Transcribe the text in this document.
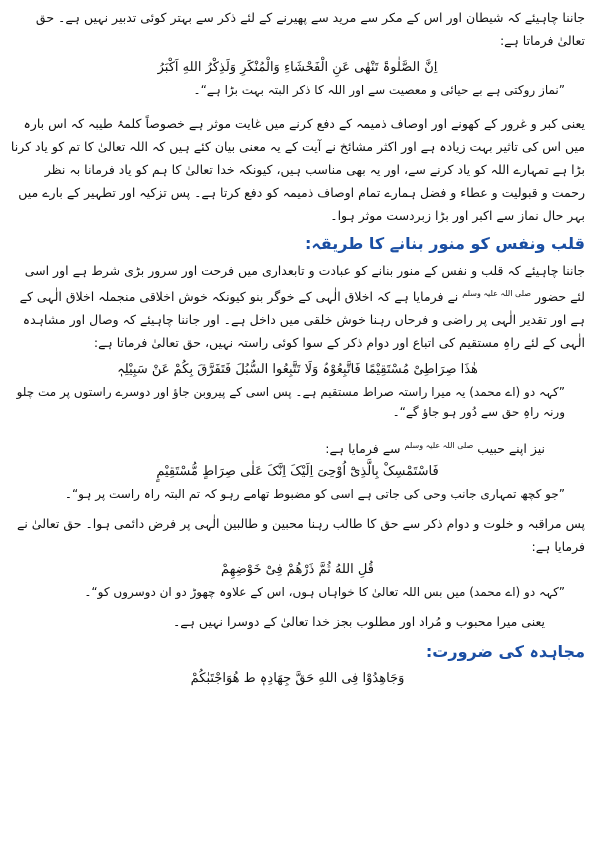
جاننا چاہیئے کہ شیطان اور اس کے مکر سے مرید سے پھیرنے کے لئے ذکر سے بہتر کوئی تدبیر نہیں ہے۔ حق تعالیٰ فرماتا ہے:

اِنَّ الصَّلٰوۃَ تَنْھٰی عَنِ الْفَحْشَاءِ وَالْمُنْکَرِ وَلَذِکْرُ اللهِ اَکْبَرُ

”نماز روکتی ہے بے حیائی و معصیت سے اور اللہ کا ذکر البتہ بہت بڑا ہے“۔

یعنی کبر و غرور کے کھونے اور اوصاف ذمیمہ کے دفع کرنے میں غایت موثر ہے خصوصاً کلمۂ طیبہ کہ اس بارہ میں اس کی تاثیر بہت زیادہ ہے اور اکثر مشائخ نے آیت کے یہ معنی بیان کئے ہیں کہ اللہ تعالیٰ کا تم کو یاد کرنا بڑا ہے تمہارے اللہ کو یاد کرنے سے، اور یہ بھی مناسب ہیں، کیونکہ خدا تعالیٰ کا ہم کو یاد فرمانا بہ نظر رحمت و قبولیت و عطاء و فضل ہمارے تمام اوصاف ذمیمہ کو دفع کرتا ہے۔ پس تزکیہ اور تطہیر کے بارے میں بہر حال نماز سے اکبر اور بڑا زبردست موثر ہوا۔

قلب ونفس کو منور بنانے کا طریقہ:

جاننا چاہیئے کہ قلب و نفس کے منور بنانے کو عبادت و تابعداری میں فرحت اور سرور بڑی شرط ہے اور اسی لئے حضور $^{صلی اللہ علیہ وسلم}$ نے فرمایا ہے کہ اخلاق الٰہی کے خوگر بنو کیونکہ خوش اخلاقی منجملہ اخلاق الٰہی کے ہے اور تقدیر الٰہی پر راضی و فرحاں رہنا خوش خلقی میں داخل ہے۔ اور جاننا چاہیئے کہ وصال اور مشاہدہ الٰہی کے لئے راہِ مستقیم کی اتباع اور دوام ذکر کے سوا کوئی راستہ نہیں، حق تعالیٰ فرماتا ہے:

ھٰذَا صِرَاطِیْ مُسْتَقِیْمًا فَاتَّبِعُوْہُ وَلَا تَتَّبِعُوا السُّبُلَ فَتَفَرَّقَ بِکُمْ عَنْ سَبِیْلِہٖ

”کہہ دو (اے محمد) یہ میرا راستہ صراط مستقیم ہے۔ پس اسی کے پیروبن جاؤ اور دوسرے راستوں پر مت چلو ورنہ راہِ حق سے دُور ہو جاؤ گے“۔

نیز اپنے حبیب $^{صلی اللہ علیہ وسلم}$ سے فرمایا ہے:

فَاسْتَمْسِکْ بِالَّذِیْٓ اُوْحِیَ اِلَیْکَ اِنَّکَ عَلٰی صِرَاطٍ مُّسْتَقِیْمٍ

”جو کچھ تمہاری جانب وحی کی جاتی ہے اسی کو مضبوط تھامے رہو کہ تم البتہ راہ راست پر ہو“۔

پس مراقبہ و خلوت و دوام ذکر سے حق کا طالب رہنا محبین و طالبین الٰہی پر فرض دائمی ہوا۔ حق تعالیٰ نے فرمایا ہے:

قُلِ اللهُ ثُمَّ ذَرْھُمْ فِیْ خَوْضِھِمْ

”کہہ دو (اے محمد) میں بس اللہ تعالیٰ کا خواہاں ہوں، اس کے علاوہ چھوڑ دو ان دوسروں کو“۔

یعنی میرا محبوب و مُراد اور مطلوب بجز خدا تعالیٰ کے دوسرا نہیں ہے۔

مجاہدہ کی ضرورت:

وَجَاھِدُوْا فِی اللهِ حَقَّ جِھَادِہٖ ط ھُوَاجْتَبٰکُمْ
